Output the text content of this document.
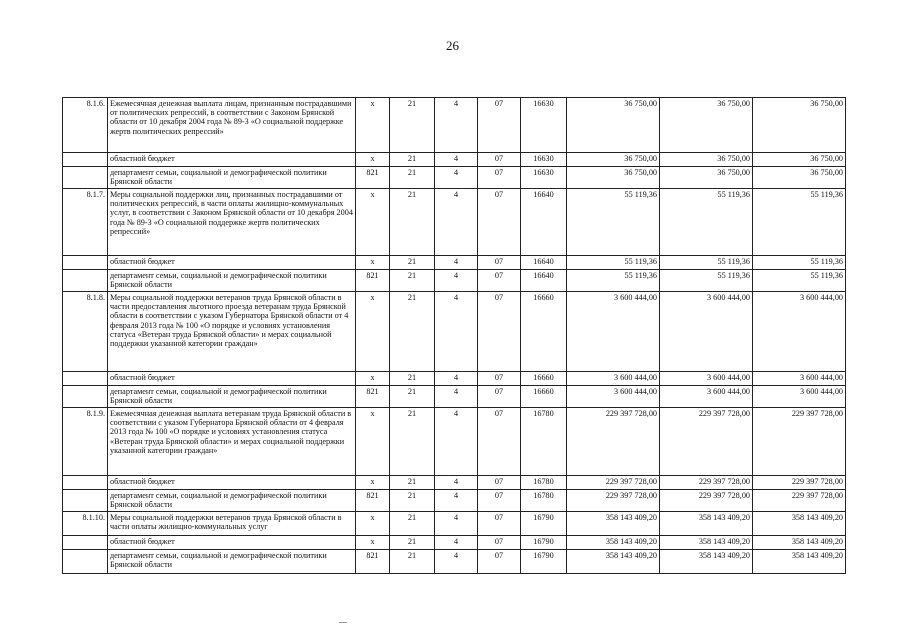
26
8.1.6.	Ежемесячная денежная выплата лицам, признанным пострадавшими от политических репрессий, в соответствии с Законом Брянской области от 10 декабря 2004 года № 89-З «О социальной поддержке жертв политических репрессий»	х	21	4	07	16630	36 750,00	36 750,00	36 750,00
	областной бюджет	х	21	4	07	16630	36 750,00	36 750,00	36 750,00
	департамент семьи, социальной и демографической политики Брянской области	821	21	4	07	16630	36 750,00	36 750,00	36 750,00
8.1.7.	Меры социальной поддержки лиц, признанных пострадавшими от политических репрессий, в части оплаты жилищно-коммунальных услуг, в соответствии с Законом Брянской области от 10 декабря 2004 года № 89-З «О социальной поддержке жертв политических репрессий»	х	21	4	07	16640	55 119,36	55 119,36	55 119,36
	областной бюджет	х	21	4	07	16640	55 119,36	55 119,36	55 119,36
	департамент семьи, социальной и демографической политики Брянской области	821	21	4	07	16640	55 119,36	55 119,36	55 119,36
8.1.8.	Меры социальной поддержки ветеранов труда Брянской области в части предоставления льготного проезда ветеранам труда Брянской области в соответствии с указом Губернатора Брянской области от 4 февраля 2013 года № 100 «О порядке и условиях установления статуса «Ветеран труда Брянской области» и мерах социальной поддержки указанной категории граждан»	х	21	4	07	16660	3 600 444,00	3 600 444,00	3 600 444,00
	областной бюджет	х	21	4	07	16660	3 600 444,00	3 600 444,00	3 600 444,00
	департамент семьи, социальной и демографической политики Брянской области	821	21	4	07	16660	3 600 444,00	3 600 444,00	3 600 444,00
8.1.9.	Ежемесячная денежная выплата ветеранам труда Брянской области в соответствии с указом Губернатора Брянской области от 4 февраля 2013 года № 100 «О порядке и условиях установления статуса «Ветеран труда Брянской области» и мерах социальной поддержки указанной категории граждан»	х	21	4	07	16780	229 397 728,00	229 397 728,00	229 397 728,00
	областной бюджет	х	21	4	07	16780	229 397 728,00	229 397 728,00	229 397 728,00
	департамент семьи, социальной и демографической политики Брянской области	821	21	4	07	16780	229 397 728,00	229 397 728,00	229 397 728,00
8.1.10.	Меры социальной поддержки ветеранов труда Брянской области в части оплаты жилищно-коммунальных услуг	х	21	4	07	16790	358 143 409,20	358 143 409,20	358 143 409,20
	областной бюджет	х	21	4	07	16790	358 143 409,20	358 143 409,20	358 143 409,20
	департамент семьи, социальной и демографической политики Брянской области	821	21	4	07	16790	358 143 409,20	358 143 409,20	358 143 409,20
